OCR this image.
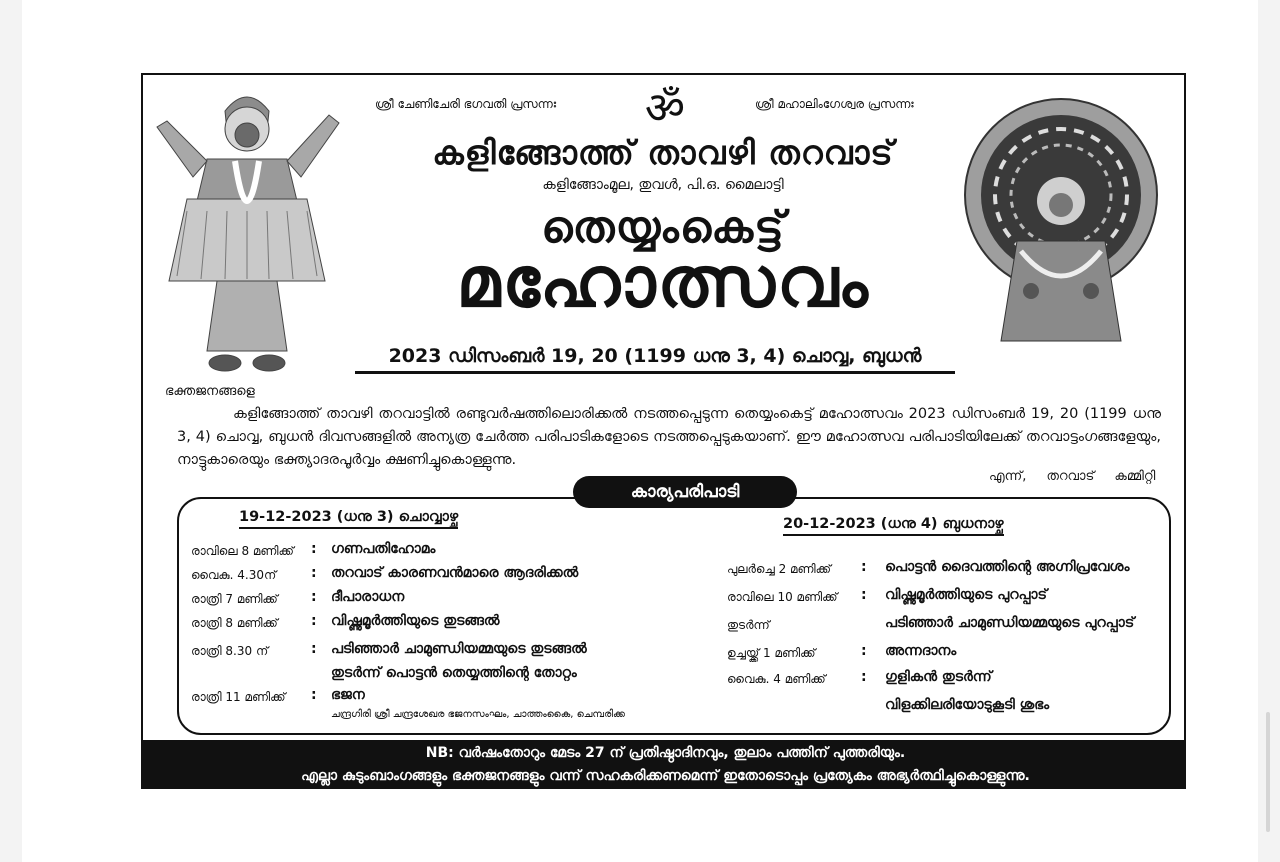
ശ്രീ ചേണിചേരി ഭഗവതി പ്രസന്നഃ ॐ	ശ്രീ മഹാലിംഗേശ്വര പ്രസന്നഃ
കളിങ്ങോത്ത് താവഴി തറവാട്
കളിങ്ങോംമൂല, തുവൾ, പി.ഒ. മൈലാട്ടി
തെയ്യംകെട്ട്
മഹോത്സവം
2023 ഡിസംബർ 19, 20 (1199 ധനു 3, 4) ചൊവ്വ, ബുധൻ
ഭക്തജനങ്ങളെ
കളിങ്ങോത്ത് താവഴി തറവാട്ടിൽ രണ്ടുവർഷത്തിലൊരിക്കൽ നടത്തപ്പെടുന്ന തെയ്യംകെട്ട് മഹോത്സവം 2023 ഡിസംബർ 19, 20 (1199 ധനു 3, 4) ചൊവ്വ, ബുധൻ ദിവസങ്ങളിൽ അന്യത്ര ചേർത്ത പരിപാടികളോടെ നടത്തപ്പെടുകയാണ്. ഈ മഹോത്സവ പരിപാടിയിലേക്ക് തറവാട്ടംഗങ്ങളേയും, നാട്ടുകാരെയും ഭക്ത്യാദരപൂർവ്വം ക്ഷണിച്ചുകൊള്ളുന്നു.
എന്ന്, തറവാട് കമ്മിറ്റി
കാര്യപരിപാടി
19-12-2023 (ധനു 3) ചൊവ്വാഴ്ച	20-12-2023 (ധനു 4) ബുധനാഴ്ച
രാവിലെ 8 മണിക്ക് : ഗണപതിഹോമം
വൈകു. 4.30ന് : തറവാട് കാരണവൻമാരെ ആദരിക്കൽ
രാത്രി 7 മണിക്ക് : ദീപാരാധന
രാത്രി 8 മണിക്ക് : വിഷ്ണുമൂർത്തിയുടെ തുടങ്ങൽ
രാത്രി 8.30 ന്	: പടിഞ്ഞാർ ചാമുണ്ഡിയമ്മയുടെ തുടങ്ങൽ
തുടർന്ന് പൊട്ടൻ തെയ്യത്തിന്റെ തോറ്റം
രാത്രി 11 മണിക്ക് : ഭജന
ചന്ദ്രഗിരി ശ്രീ ചന്ദ്രശേഖര ഭജനസംഘം, ചാത്തംകൈ, ചെമ്പരിക്ക
പുലർച്ചെ 2 മണിക്ക് : പൊട്ടൻ ദൈവത്തിന്റെ അഗ്നിപ്രവേശം
രാവിലെ 10 മണിക്ക് : വിഷ്ണുമൂർത്തിയുടെ പുറപ്പാട്
തുടർന്ന്	പടിഞ്ഞാർ ചാമുണ്ഡിയമ്മയുടെ പുറപ്പാട്
ഉച്ചയ്ക്ക് 1 മണിക്ക്	: അന്നദാനം
വൈകു. 4 മണിക്ക്	: ഗുളികൻ തുടർന്ന്
വിളക്കിലരിയോടുകൂടി ശുഭം
NB: വർഷംതോറും മേടം 27 ന് പ്രതിഷ്ഠാദിനവും, തുലാം പത്തിന് പുത്തരിയും.
എല്ലാ കുടുംബാംഗങ്ങളും ഭക്തജനങ്ങളും വന്ന് സഹകരിക്കണമെന്ന് ഇതോടൊപ്പം പ്രത്യേകം അഭ്യർത്ഥിച്ചുകൊള്ളുന്നു.
